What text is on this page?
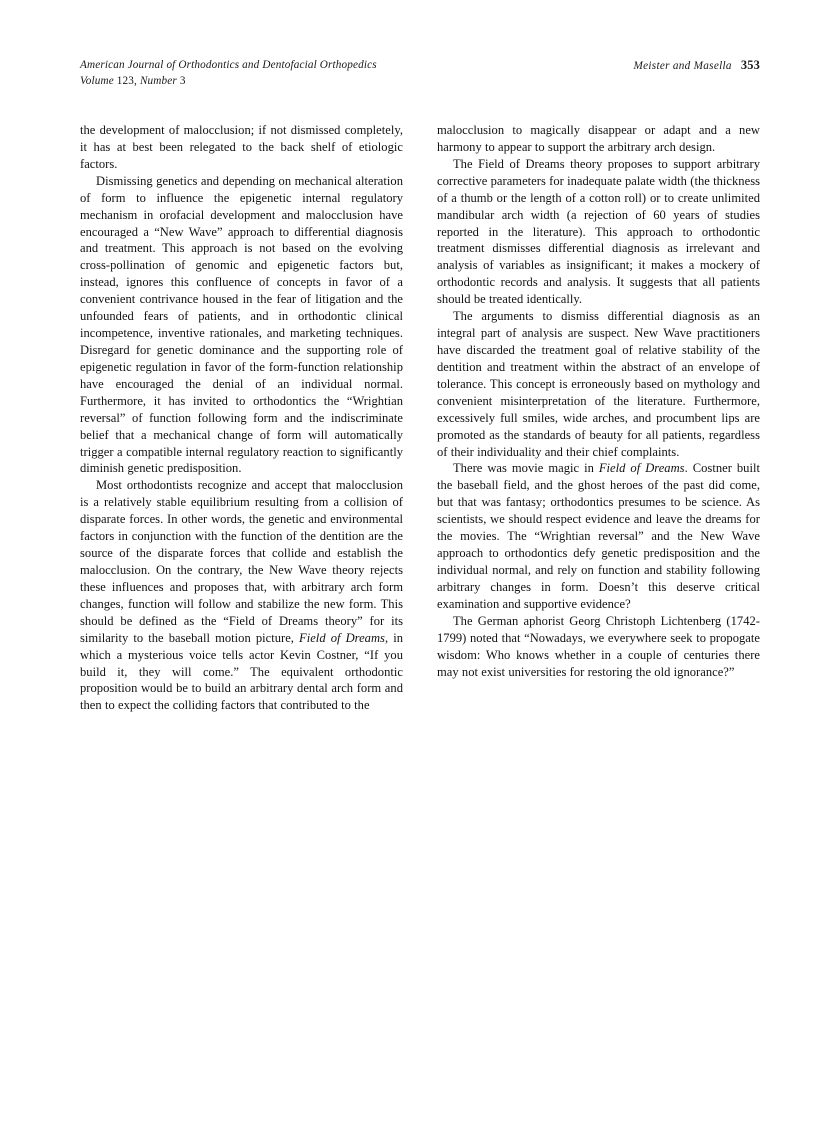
American Journal of Orthodontics and Dentofacial Orthopedics
Volume 123, Number 3
Meister and Masella 353

the development of malocclusion; if not dismissed completely, it has at best been relegated to the back shelf of etiologic factors.

Dismissing genetics and depending on mechanical alteration of form to influence the epigenetic internal regulatory mechanism in orofacial development and malocclusion have encouraged a “New Wave” approach to differential diagnosis and treatment. This approach is not based on the evolving cross-pollination of genomic and epigenetic factors but, instead, ignores this confluence of concepts in favor of a convenient contrivance housed in the fear of litigation and the unfounded fears of patients, and in orthodontic clinical incompetence, inventive rationales, and marketing techniques. Disregard for genetic dominance and the supporting role of epigenetic regulation in favor of the form-function relationship have encouraged the denial of an individual normal. Furthermore, it has invited to orthodontics the “Wrightian reversal” of function following form and the indiscriminate belief that a mechanical change of form will automatically trigger a compatible internal regulatory reaction to significantly diminish genetic predisposition.

Most orthodontists recognize and accept that malocclusion is a relatively stable equilibrium resulting from a collision of disparate forces. In other words, the genetic and environmental factors in conjunction with the function of the dentition are the source of the disparate forces that collide and establish the malocclusion. On the contrary, the New Wave theory rejects these influences and proposes that, with arbitrary arch form changes, function will follow and stabilize the new form. This should be defined as the “Field of Dreams theory” for its similarity to the baseball motion picture, Field of Dreams, in which a mysterious voice tells actor Kevin Costner, “If you build it, they will come.” The equivalent orthodontic proposition would be to build an arbitrary dental arch form and then to expect the colliding factors that contributed to the

malocclusion to magically disappear or adapt and a new harmony to appear to support the arbitrary arch design.

The Field of Dreams theory proposes to support arbitrary corrective parameters for inadequate palate width (the thickness of a thumb or the length of a cotton roll) or to create unlimited mandibular arch width (a rejection of 60 years of studies reported in the literature). This approach to orthodontic treatment dismisses differential diagnosis as irrelevant and analysis of variables as insignificant; it makes a mockery of orthodontic records and analysis. It suggests that all patients should be treated identically.

The arguments to dismiss differential diagnosis as an integral part of analysis are suspect. New Wave practitioners have discarded the treatment goal of relative stability of the dentition and treatment within the abstract of an envelope of tolerance. This concept is erroneously based on mythology and convenient misinterpretation of the literature. Furthermore, excessively full smiles, wide arches, and procumbent lips are promoted as the standards of beauty for all patients, regardless of their individuality and their chief complaints.

There was movie magic in Field of Dreams. Costner built the baseball field, and the ghost heroes of the past did come, but that was fantasy; orthodontics presumes to be science. As scientists, we should respect evidence and leave the dreams for the movies. The “Wrightian reversal” and the New Wave approach to orthodontics defy genetic predisposition and the individual normal, and rely on function and stability following arbitrary changes in form. Doesn’t this deserve critical examination and supportive evidence?

The German aphorist Georg Christoph Lichtenberg (1742-1799) noted that “Nowadays, we everywhere seek to propogate wisdom: Who knows whether in a couple of centuries there may not exist universities for restoring the old ignorance?”
